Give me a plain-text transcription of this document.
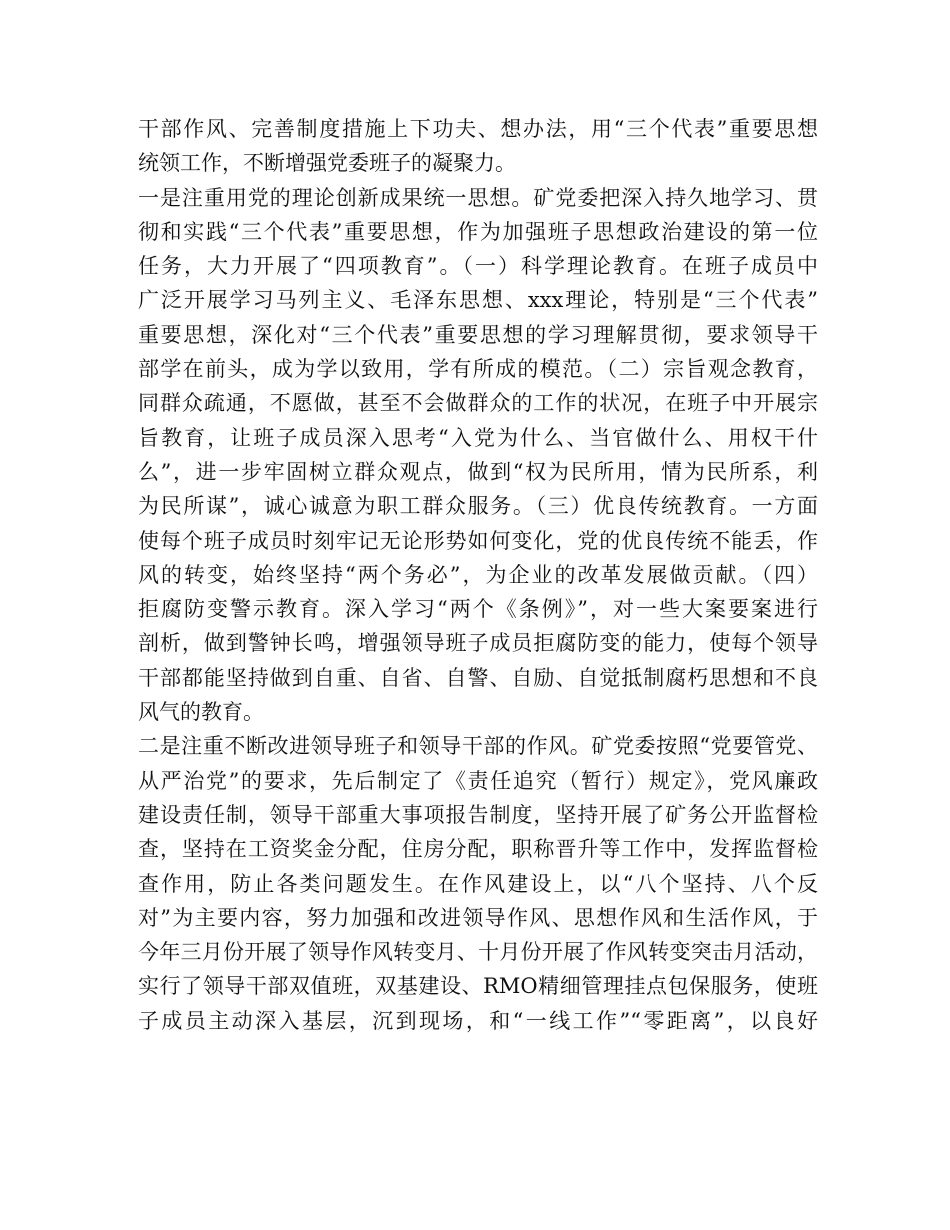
干部作风、完善制度措施上下功夫、想办法，用“三个代表”重要思想
统领工作，不断增强党委班子的凝聚力。
一是注重用党的理论创新成果统一思想。矿党委把深入持久地学习、贯
彻和实践“三个代表”重要思想，作为加强班子思想政治建设的第一位
任务，大力开展了“四项教育”。（一）科学理论教育。在班子成员中
广泛开展学习马列主义、毛泽东思想、xxx理论，特别是“三个代表”
重要思想，深化对“三个代表”重要思想的学习理解贯彻，要求领导干
部学在前头，成为学以致用，学有所成的模范。（二）宗旨观念教育，
同群众疏通，不愿做，甚至不会做群众的工作的状况，在班子中开展宗
旨教育，让班子成员深入思考“入党为什么、当官做什么、用权干什
么”，进一步牢固树立群众观点，做到“权为民所用，情为民所系，利
为民所谋”，诚心诚意为职工群众服务。（三）优良传统教育。一方面
使每个班子成员时刻牢记无论形势如何变化，党的优良传统不能丢，作
风的转变，始终坚持“两个务必”，为企业的改革发展做贡献。（四）
拒腐防变警示教育。深入学习“两个《条例》”，对一些大案要案进行
剖析，做到警钟长鸣，增强领导班子成员拒腐防变的能力，使每个领导
干部都能坚持做到自重、自省、自警、自励、自觉抵制腐朽思想和不良
风气的教育。
二是注重不断改进领导班子和领导干部的作风。矿党委按照“党要管党、
从严治党”的要求，先后制定了《责任追究（暂行）规定》，党风廉政
建设责任制，领导干部重大事项报告制度，坚持开展了矿务公开监督检
查，坚持在工资奖金分配，住房分配，职称晋升等工作中，发挥监督检
查作用，防止各类问题发生。在作风建设上，以“八个坚持、八个反
对”为主要内容，努力加强和改进领导作风、思想作风和生活作风，于
今年三月份开展了领导作风转变月、十月份开展了作风转变突击月活动，
实行了领导干部双值班，双基建设、RMO精细管理挂点包保服务，使班
子成员主动深入基层，沉到现场，和“一线工作”“零距离”，以良好
